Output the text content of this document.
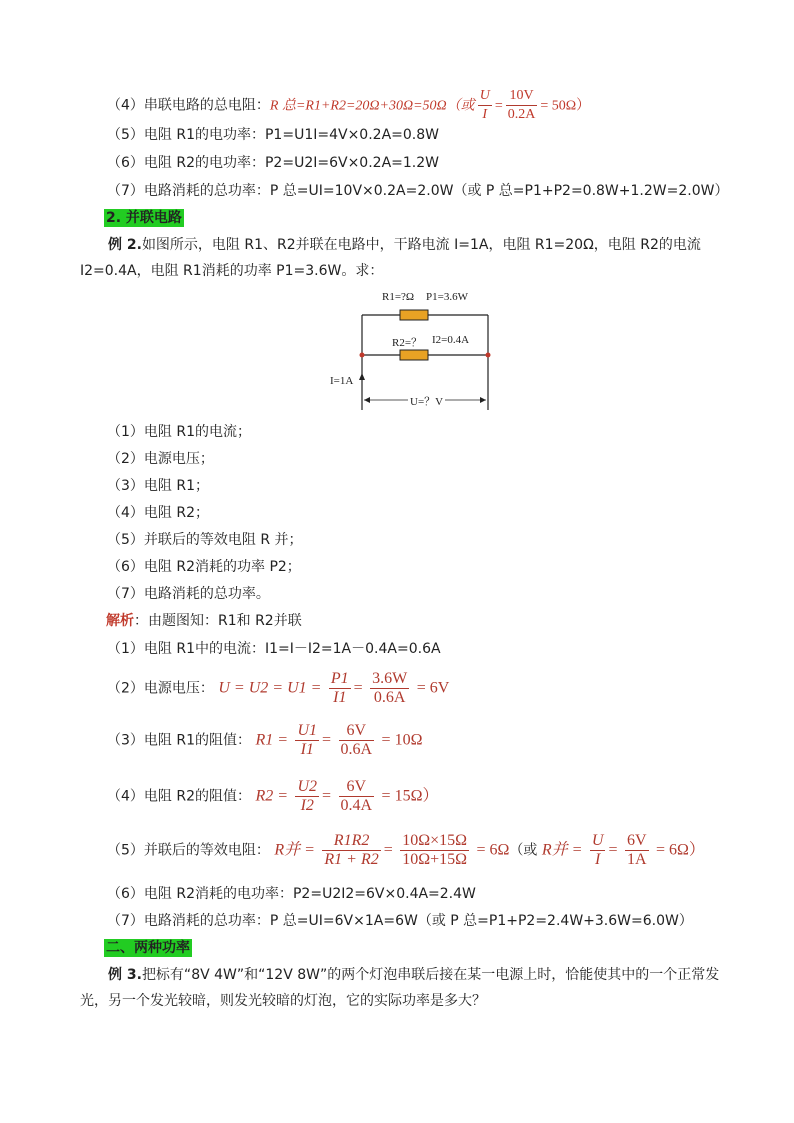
（4）串联电路的总电阻：R 总=R1+R2=20Ω+30Ω=50Ω（或 $\frac{U}{I} = \frac{10V}{0.2A} = 50\Omega$）
（5）电阻 R1的电功率：P1=U1I=4V×0.2A=0.8W
（6）电阻 R2的电功率：P2=U2I=6V×0.2A=1.2W
（7）电路消耗的总功率：P 总=UI=10V×0.2A=2.0W（或 P 总=P1+P2=0.8W+1.2W=2.0W）
2. 并联电路
例 2.如图所示，电阻 R1、R2并联在电路中，干路电流 I=1A，电阻 R1=20Ω，电阻 R2的电流 I2=0.4A，电阻 R1消耗的功率 P1=3.6W。求：
R1=?Ω P1=3.6W
R2=？ I2=0.4A
I=1A
U=？V
（1）电阻 R1的电流；
（2）电源电压；
（3）电阻 R1；
（4）电阻 R2；
（5）并联后的等效电阻 R 并；
（6）电阻 R2消耗的功率 P2；
（7）电路消耗的总功率。
解析：由题图知：R1和 R2并联
（1）电阻 R1中的电流：I1=I－I2=1A－0.4A=0.6A
（2）电源电压： $U = U2 = U1 = \frac{P1}{I1} = \frac{3.6W}{0.6A} = 6V$
（3）电阻 R1的阻值： $R1 = \frac{U1}{I1} = \frac{6V}{0.6A} = 10\Omega$
（4）电阻 R2的阻值： $R2 = \frac{U2}{I2} = \frac{6V}{0.4A} = 15\Omega$）
（5）并联后的等效电阻： R并 = $\frac{R1R2}{R1 + R2} = \frac{10\Omega\times 15\Omega}{10\Omega+15\Omega} = 6\Omega$（或 R并 = $\frac{U}{I} = \frac{6V}{1A} = 6\Omega$）
（6）电阻 R2消耗的电功率：P2=U2I2=6V×0.4A=2.4W
（7）电路消耗的总功率：P 总=UI=6V×1A=6W（或 P 总=P1+P2=2.4W+3.6W=6.0W）
二、两种功率
例 3.把标有“8V 4W”和“12V 8W”的两个灯泡串联后接在某一电源上时，恰能使其中的一个正常发光，另一个发光较暗，则发光较暗的灯泡，它的实际功率是多大？
